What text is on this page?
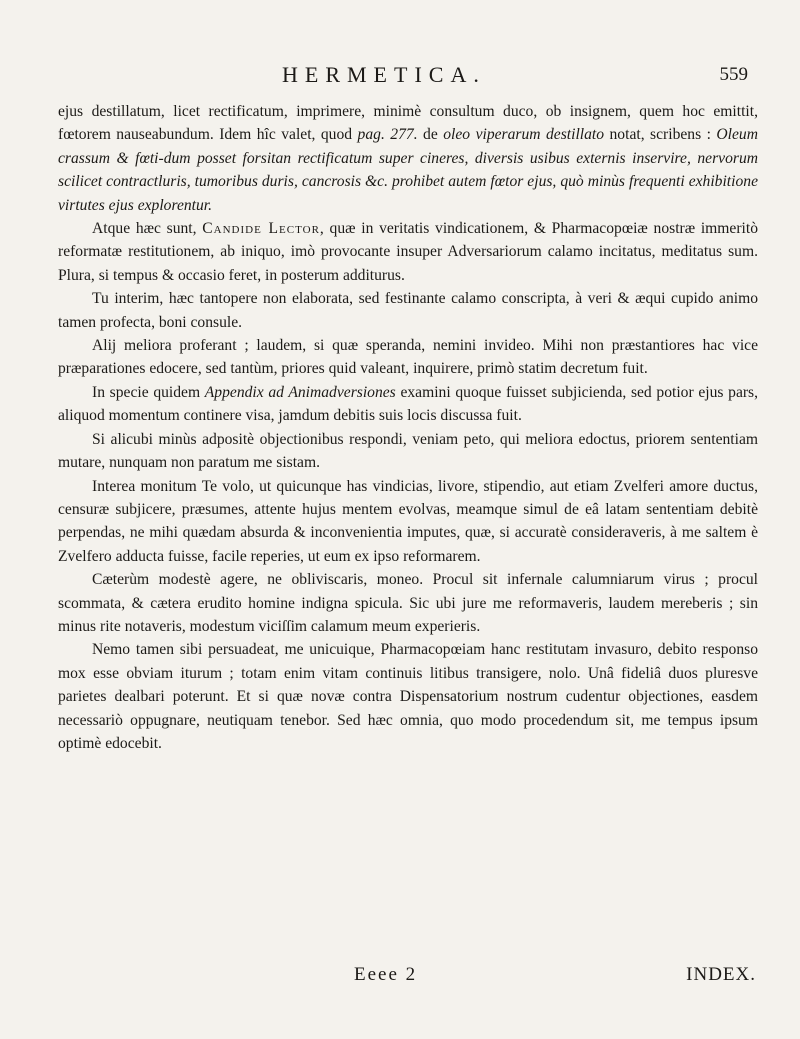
HERMETICA.	559

ejus destillatum, licet rectificatum, imprimere, minimè consultum duco, ob insignem, quem hoc emittit, fœtorem nauseabundum. Idem hîc valet, quod pag. 277. de oleo viperarum destillato notat, scribens : Oleum crassum & fœti-dum posset forsitan rectificatum super cineres, diversis usibus externis inservire, nervorum scilicet contractluris, tumoribus duris, cancrosis &c. prohibet autem fœtor ejus, quò minùs frequenti exhibitione virtutes ejus explorentur.

Atque hæc sunt, Candide Lector, quæ in veritatis vindicationem, & Pharmacopœiæ nostræ immeritò reformatæ restitutionem, ab iniquo, imò provocante insuper Adversariorum calamo incitatus, meditatus sum. Plura, si tempus & occasio feret, in posterum additurus.

Tu interim, hæc tantopere non elaborata, sed festinante calamo conscripta, à veri & æqui cupido animo tamen profecta, boni consule.

Alij meliora proferant ; laudem, si quæ speranda, nemini invideo. Mihi non præstantiores hac vice præparationes edocere, sed tantùm, priores quid valeant, inquirere, primò statim decretum fuit.

In specie quidem Appendix ad Animadversiones examini quoque fuisset subjicienda, sed potior ejus pars, aliquod momentum continere visa, jamdum debitis suis locis discussa fuit.

Si alicubi minùs adpositè objectionibus respondi, veniam peto, qui meliora edoctus, priorem sententiam mutare, nunquam non paratum me sistam.

Interea monitum Te volo, ut quicunque has vindicias, livore, stipendio, aut etiam Zvelferi amore ductus, censuræ subjicere, præsumes, attente hujus mentem evolvas, meamque simul de eâ latam sententiam debitè perpendas, ne mihi quædam absurda & inconvenientia imputes, quæ, si accuratè consideraveris, à me saltem è Zvelfero adducta fuisse, facile reperies, ut eum ex ipso reformarem.

Cæterùm modestè agere, ne obliviscaris, moneo. Procul sit infernale calumniarum virus ; procul scommata, & cætera erudito homine indigna spicula. Sic ubi jure me reformaveris, laudem mereberis ; sin minus rite notaveris, modestum viciſſim calamum meum experieris.

Nemo tamen sibi persuadeat, me unicuique, Pharmacopœiam hanc restitutam invasuro, debito responso mox esse obviam iturum ; totam enim vitam continuis litibus transigere, nolo. Unâ fideliâ duos pluresve parietes dealbari poterunt. Et si quæ novæ contra Dispensatorium nostrum cudentur objectiones, easdem necessariò oppugnare, neutiquam tenebor. Sed hæc omnia, quo modo procedendum sit, me tempus ipsum optimè edocebit.

Eeee 2	INDEX.
